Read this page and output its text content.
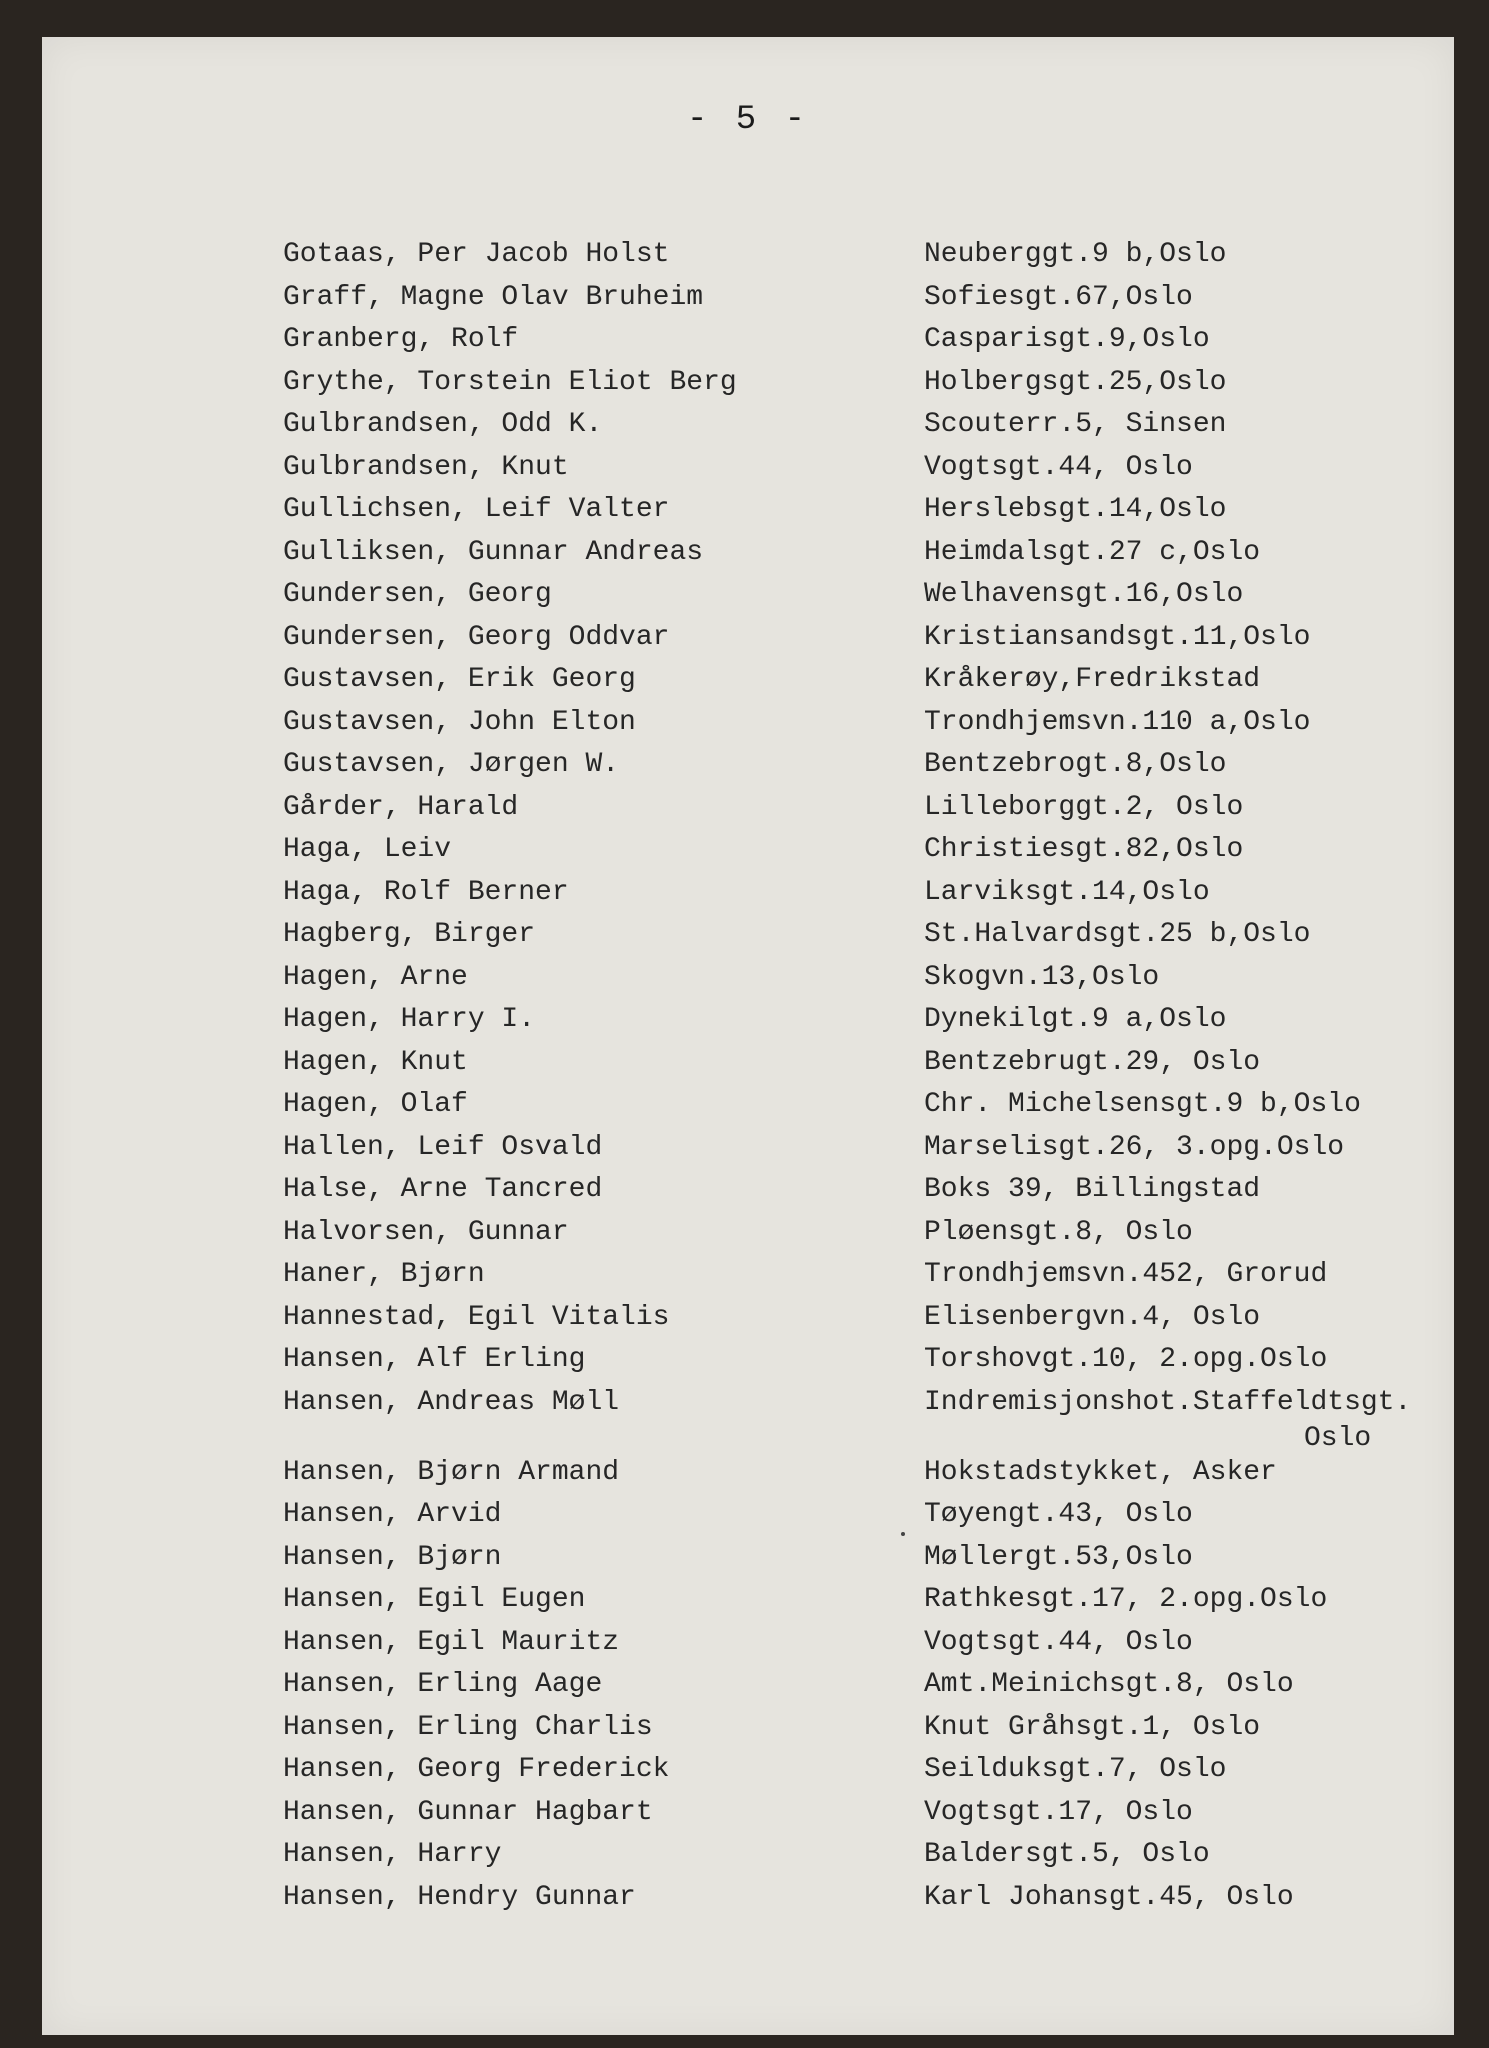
- 5 -
Gotaas, Per Jacob Holst	Neuberggt.9 b,Oslo
Graff, Magne Olav Bruheim	Sofiesgt.67,Oslo
Granberg, Rolf	Casparisgt.9,Oslo
Grythe, Torstein Eliot Berg	Holbergsgt.25,Oslo
Gulbrandsen, Odd K.	Scouterr.5, Sinsen
Gulbrandsen, Knut	Vogtsgt.44, Oslo
Gullichsen, Leif Valter	Herslebsgt.14,Oslo
Gulliksen, Gunnar Andreas	Heimdalsgt.27 c,Oslo
Gundersen, Georg	Welhavensgt.16,Oslo
Gundersen, Georg Oddvar	Kristiansandsgt.11,Oslo
Gustavsen, Erik Georg	Kråkerøy,Fredrikstad
Gustavsen, John Elton	Trondhjemsvn.110 a,Oslo
Gustavsen, Jørgen W.	Bentzebrogt.8,Oslo
Gårder, Harald	Lilleborggt.2, Oslo
Haga, Leiv	Christiesgt.82,Oslo
Haga, Rolf Berner	Larviksgt.14,Oslo
Hagberg, Birger	St.Halvardsgt.25 b,Oslo
Hagen, Arne	Skogvn.13,Oslo
Hagen, Harry I.	Dynekilgt.9 a,Oslo
Hagen, Knut	Bentzebrugt.29, Oslo
Hagen, Olaf	Chr. Michelsensgt.9 b,Oslo
Hallen, Leif Osvald	Marselisgt.26, 3.opg.Oslo
Halse, Arne Tancred	Boks 39, Billingstad
Halvorsen, Gunnar	Pløensgt.8, Oslo
Haner, Bjørn	Trondhjemsvn.452, Grorud
Hannestad, Egil Vitalis	Elisenbergvn.4, Oslo
Hansen, Alf Erling	Torshovgt.10, 2.opg.Oslo
Hansen, Andreas Møll	Indremisjonshot.Staffeldtsgt.
Oslo
Hansen, Bjørn Armand	Hokstadstykket, Asker
Hansen, Arvid	Tøyengt.43, Oslo
Hansen, Bjørn	Møllergt.53,Oslo
Hansen, Egil Eugen	Rathkesgt.17, 2.opg.Oslo
Hansen, Egil Mauritz	Vogtsgt.44, Oslo
Hansen, Erling Aage	Amt.Meinichsgt.8, Oslo
Hansen, Erling Charlis	Knut Gråhsgt.1, Oslo
Hansen, Georg Frederick	Seilduksgt.7, Oslo
Hansen, Gunnar Hagbart	Vogtsgt.17, Oslo
Hansen, Harry	Baldersgt.5, Oslo
Hansen, Hendry Gunnar	Karl Johansgt.45, Oslo
